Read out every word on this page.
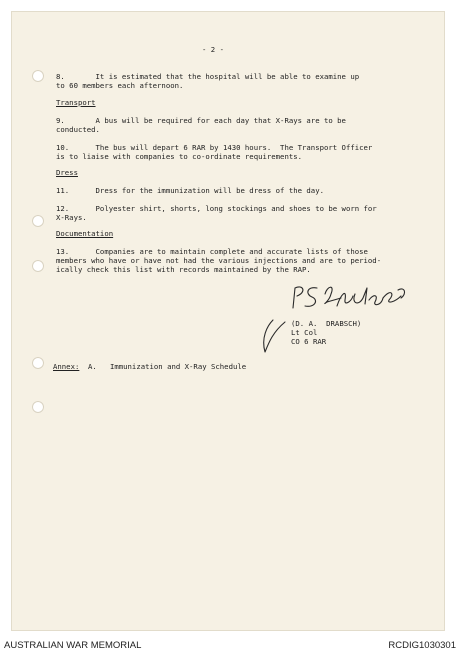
- 2 -

8.       It is estimated that the hospital will be able to examine up

to 60 members each afternoon.

Transport

9.       A bus will be required for each day that X-Rays are to be

conducted.

10.      The bus will depart 6 RAR by 1430 hours.  The Transport Officer

is to liaise with companies to co-ordinate requirements.

Dress

11.      Dress for the immunization will be dress of the day.

12.      Polyester shirt, shorts, long stockings and shoes to be worn for

X-Rays.

Documentation

13.      Companies are to maintain complete and accurate lists of those

members who have or have not had the various injections and are to period-

ically check this list with records maintained by the RAP.

(D. A.  DRABSCH)

Lt Col

CO 6 RAR

Annex: A.   Immunization and X-Ray Schedule

AUSTRALIAN WAR MEMORIAL	RCDIG1030301
